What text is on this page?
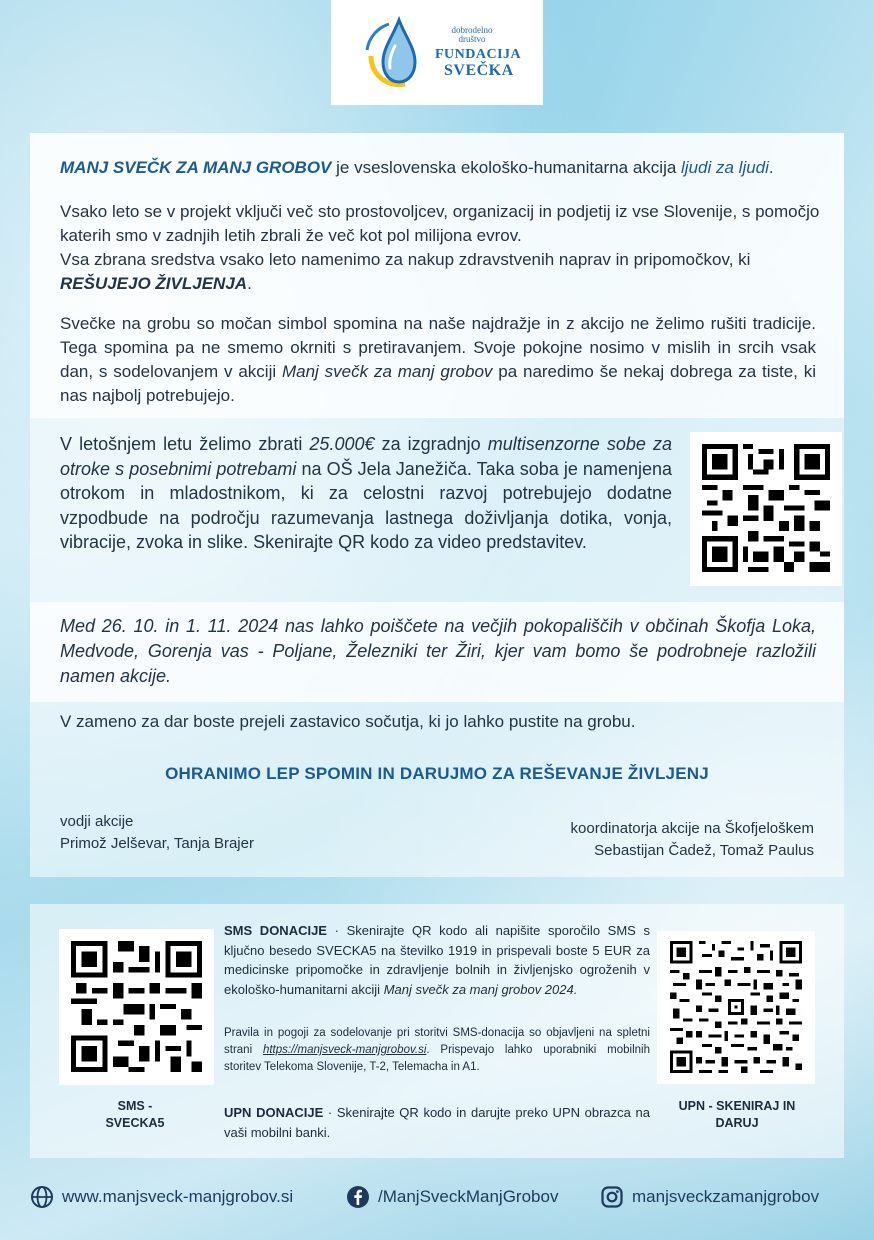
dobrodelno
društvo
FUNDACIJA
SVEČKA
MANJ SVEČK ZA MANJ GROBOV je vseslovenska ekološko-humanitarna akcija ljudi za ljudi.
Vsako leto se v projekt vključi več sto prostovoljcev, organizacij in podjetij iz vse Slovenije, s pomočjo katerih smo v zadnjih letih zbrali že več kot pol milijona evrov.
Vsa zbrana sredstva vsako leto namenimo za nakup zdravstvenih naprav in pripomočkov, ki REŠUJEJO ŽIVLJENJA.
Svečke na grobu so močan simbol spomina na naše najdražje in z akcijo ne želimo rušiti tradicije. Tega spomina pa ne smemo okrniti s pretiravanjem. Svoje pokojne nosimo v mislih in srcih vsak dan, s sodelovanjem v akciji Manj svečk za manj grobov pa naredimo še nekaj dobrega za tiste, ki nas najbolj potrebujejo.
V letošnjem letu želimo zbrati 25.000€ za izgradnjo multisenzorne sobe za otroke s posebnimi potrebami na OŠ Jela Janežiča. Taka soba je namenjena otrokom in mladostnikom, ki za celostni razvoj potrebujejo dodatne vzpodbude na področju razumevanja lastnega doživljanja dotika, vonja, vibracije, zvoka in slike. Skenirajte QR kodo za video predstavitev.
Med 26. 10. in 1. 11. 2024 nas lahko poiščete na večjih pokopališčih v občinah Škofja Loka, Medvode, Gorenja vas - Poljane, Železniki ter Žiri, kjer vam bomo še podrobneje razložili namen akcije.
V zameno za dar boste prejeli zastavico sočutja, ki jo lahko pustite na grobu.
OHRANIMO LEP SPOMIN IN DARUJMO ZA REŠEVANJE ŽIVLJENJ
vodji akcije
Primož Jelševar, Tanja Brajer
koordinatorja akcije na Škofjeloškem
Sebastijan Čadež, Tomaž Paulus
SMS -
SVECKA5
SMS DONACIJE · Skenirajte QR kodo ali napišite sporočilo SMS s ključno besedo SVECKA5 na številko 1919 in prispevali boste 5 EUR za medicinske pripomočke in zdravljenje bolnih in življenjsko ogroženih v ekološko-humanitarni akciji Manj svečk za manj grobov 2024.
Pravila in pogoji za sodelovanje pri storitvi SMS-donacija so objavljeni na spletni strani https://manjsveck-manjgrobov.si. Prispevajo lahko uporabniki mobilnih storitev Telekoma Slovenije, T-2, Telemacha in A1.
UPN DONACIJE · Skenirajte QR kodo in darujte preko UPN obrazca na vaši mobilni banki.
UPN - SKENIRAJ IN
DARUJ
www.manjsveck-manjgrobov.si	/ManjSveckManjGrobov	manjsveckzamanjgrobov
